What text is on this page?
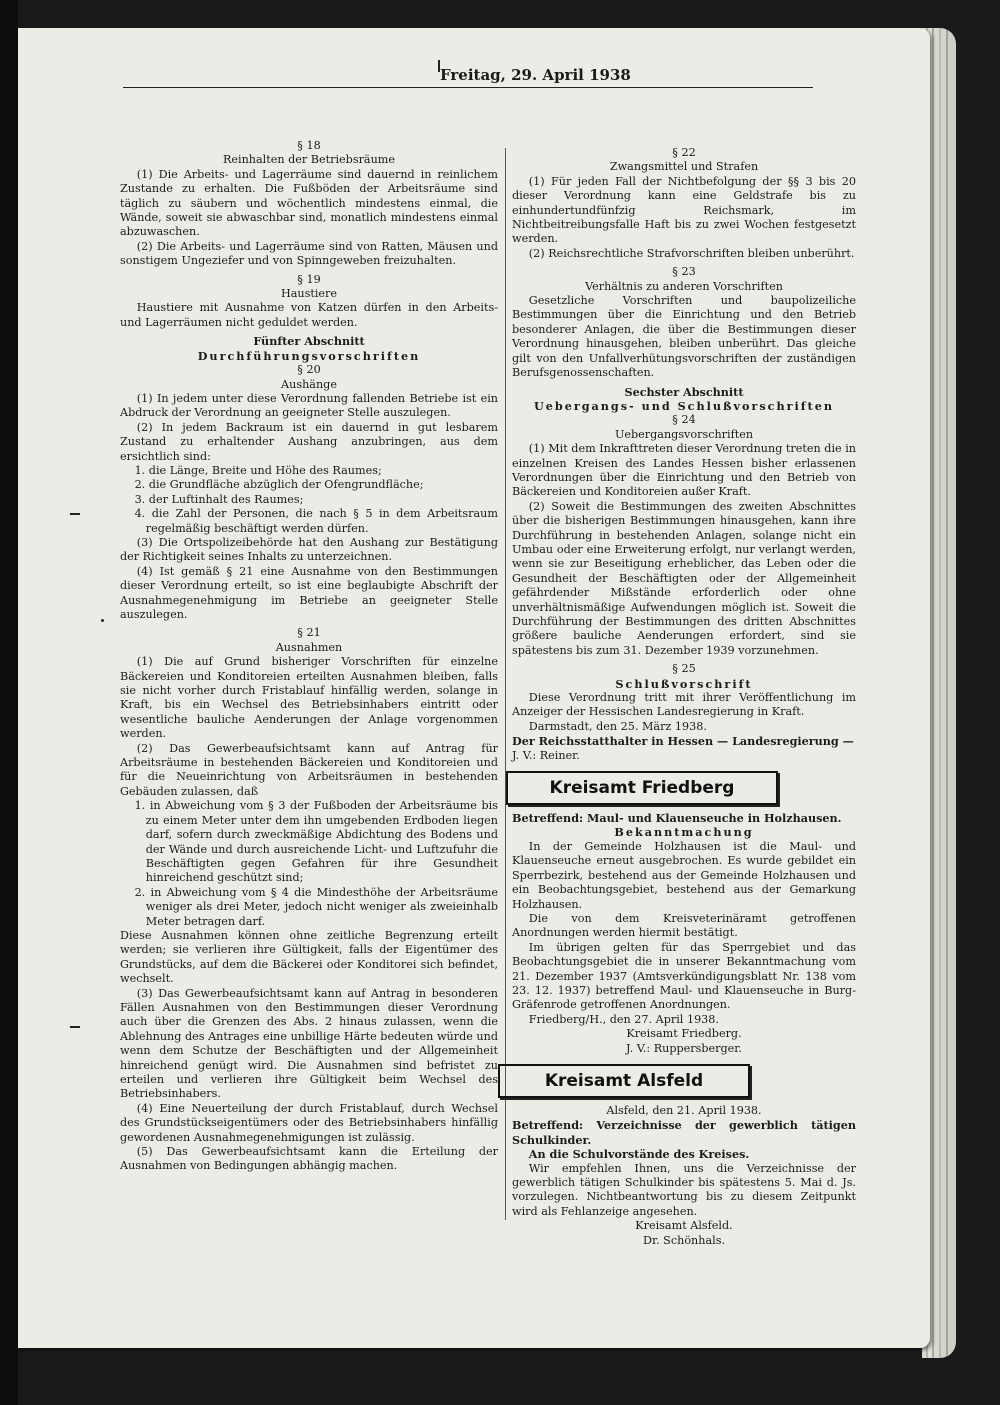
Freitag, 29. April 1938
§ 18
Reinhalten der Betriebsräume

(1) Die Arbeits- und Lagerräume sind dauernd in reinlichem Zustande zu erhalten. Die Fußböden der Arbeitsräume sind täglich zu säubern und wöchentlich mindestens einmal, die Wände, soweit sie abwaschbar sind, monatlich mindestens einmal abzuwaschen.

(2) Die Arbeits- und Lagerräume sind von Ratten, Mäusen und sonstigem Ungeziefer und von Spinngeweben freizuhalten.

§ 19
Haustiere

Haustiere mit Ausnahme von Katzen dürfen in den Arbeits- und Lagerräumen nicht geduldet werden.

Fünfter Abschnitt
Durchführungsvorschriften
§ 20
Aushänge

(1) In jedem unter diese Verordnung fallenden Betriebe ist ein Abdruck der Verordnung an geeigneter Stelle auszulegen.

(2) In jedem Backraum ist ein dauernd in gut lesbarem Zustand zu erhaltender Aushang anzubringen, aus dem ersichtlich sind:

1. die Länge, Breite und Höhe des Raumes;

2. die Grundfläche abzüglich der Ofengrundfläche;

3. der Luftinhalt des Raumes;

4. die Zahl der Personen, die nach § 5 in dem Arbeitsraum regelmäßig beschäftigt werden dürfen.

(3) Die Ortspolizeibehörde hat den Aushang zur Bestätigung der Richtigkeit seines Inhalts zu unterzeichnen.

(4) Ist gemäß § 21 eine Ausnahme von den Bestimmungen dieser Verordnung erteilt, so ist eine beglaubigte Abschrift der Ausnahmegenehmigung im Betriebe an geeigneter Stelle auszulegen.

§ 21
Ausnahmen

(1) Die auf Grund bisheriger Vorschriften für einzelne Bäckereien und Konditoreien erteilten Ausnahmen bleiben, falls sie nicht vorher durch Fristablauf hinfällig werden, solange in Kraft, bis ein Wechsel des Betriebsinhabers eintritt oder wesentliche bauliche Aenderungen der Anlage vorgenommen werden.

(2) Das Gewerbeaufsichtsamt kann auf Antrag für Arbeitsräume in bestehenden Bäckereien und Konditoreien und für die Neueinrichtung von Arbeitsräumen in bestehenden Gebäuden zulassen, daß

1. in Abweichung vom § 3 der Fußboden der Arbeitsräume bis zu einem Meter unter dem ihn umgebenden Erdboden liegen darf, sofern durch zweckmäßige Abdichtung des Bodens und der Wände und durch ausreichende Licht- und Luftzufuhr die Beschäftigten gegen Gefahren für ihre Gesundheit hinreichend geschützt sind;

2. in Abweichung vom § 4 die Mindesthöhe der Arbeitsräume weniger als drei Meter, jedoch nicht weniger als zweieinhalb Meter betragen darf.

Diese Ausnahmen können ohne zeitliche Begrenzung erteilt werden; sie verlieren ihre Gültigkeit, falls der Eigentümer des Grundstücks, auf dem die Bäckerei oder Konditorei sich befindet, wechselt.

(3) Das Gewerbeaufsichtsamt kann auf Antrag in besonderen Fällen Ausnahmen von den Bestimmungen dieser Verordnung auch über die Grenzen des Abs. 2 hinaus zulassen, wenn die Ablehnung des Antrages eine unbillige Härte bedeuten würde und wenn dem Schutze der Beschäftigten und der Allgemeinheit hinreichend genügt wird. Die Ausnahmen sind befristet zu erteilen und verlieren ihre Gültigkeit beim Wechsel des Betriebsinhabers.

(4) Eine Neuerteilung der durch Fristablauf, durch Wechsel des Grundstückseigentümers oder des Betriebsinhabers hinfällig gewordenen Ausnahmegenehmigungen ist zulässig.

(5) Das Gewerbeaufsichtsamt kann die Erteilung der Ausnahmen von Bedingungen abhängig machen.

§ 22
Zwangsmittel und Strafen

(1) Für jeden Fall der Nichtbefolgung der §§ 3 bis 20 dieser Verordnung kann eine Geldstrafe bis zu einhundertundfünfzig Reichsmark, im Nichtbeitreibungsfalle Haft bis zu zwei Wochen festgesetzt werden.

(2) Reichsrechtliche Strafvorschriften bleiben unberührt.

§ 23
Verhältnis zu anderen Vorschriften

Gesetzliche Vorschriften und baupolizeiliche Bestimmungen über die Einrichtung und den Betrieb besonderer Anlagen, die über die Bestimmungen dieser Verordnung hinausgehen, bleiben unberührt. Das gleiche gilt von den Unfallverhütungsvorschriften der zuständigen Berufsgenossenschaften.

Sechster Abschnitt
Uebergangs- und Schlußvorschriften
§ 24
Uebergangsvorschriften

(1) Mit dem Inkrafttreten dieser Verordnung treten die in einzelnen Kreisen des Landes Hessen bisher erlassenen Verordnungen über die Einrichtung und den Betrieb von Bäckereien und Konditoreien außer Kraft.

(2) Soweit die Bestimmungen des zweiten Abschnittes über die bisherigen Bestimmungen hinausgehen, kann ihre Durchführung in bestehenden Anlagen, solange nicht ein Umbau oder eine Erweiterung erfolgt, nur verlangt werden, wenn sie zur Beseitigung erheblicher, das Leben oder die Gesundheit der Beschäftigten oder der Allgemeinheit gefährdender Mißstände erforderlich oder ohne unverhältnismäßige Aufwendungen möglich ist. Soweit die Durchführung der Bestimmungen des dritten Abschnittes größere bauliche Aenderungen erfordert, sind sie spätestens bis zum 31. Dezember 1939 vorzunehmen.

§ 25
Schlußvorschrift

Diese Verordnung tritt mit ihrer Veröffentlichung im Anzeiger der Hessischen Landesregierung in Kraft.

Darmstadt, den 25. März 1938.

Der Reichsstatthalter in Hessen — Landesregierung —

J. V.: Reiner.

Kreisamt Friedberg

Betreffend: Maul- und Klauenseuche in Holzhausen.

Bekanntmachung

In der Gemeinde Holzhausen ist die Maul- und Klauenseuche erneut ausgebrochen. Es wurde gebildet ein Sperrbezirk, bestehend aus der Gemeinde Holzhausen und ein Beobachtungsgebiet, bestehend aus der Gemarkung Holzhausen.

Die von dem Kreisveterinäramt getroffenen Anordnungen werden hiermit bestätigt.

Im übrigen gelten für das Sperrgebiet und das Beobachtungsgebiet die in unserer Bekanntmachung vom 21. Dezember 1937 (Amtsverkündigungsblatt Nr. 138 vom 23. 12. 1937) betreffend Maul- und Klauenseuche in Burg-Gräfenrode getroffenen Anordnungen.

Friedberg/H., den 27. April 1938.

Kreisamt Friedberg.
J. V.: Ruppersberger.
Kreisamt Alsfeld
Alsfeld, den 21. April 1938.

Betreffend: Verzeichnisse der gewerblich tätigen Schulkinder.

An die Schulvorstände des Kreises.

Wir empfehlen Ihnen, uns die Verzeichnisse der gewerblich tätigen Schulkinder bis spätestens 5. Mai d. Js. vorzulegen. Nichtbeantwortung bis zu diesem Zeitpunkt wird als Fehlanzeige angesehen.

Kreisamt Alsfeld.
Dr. Schönhals.
